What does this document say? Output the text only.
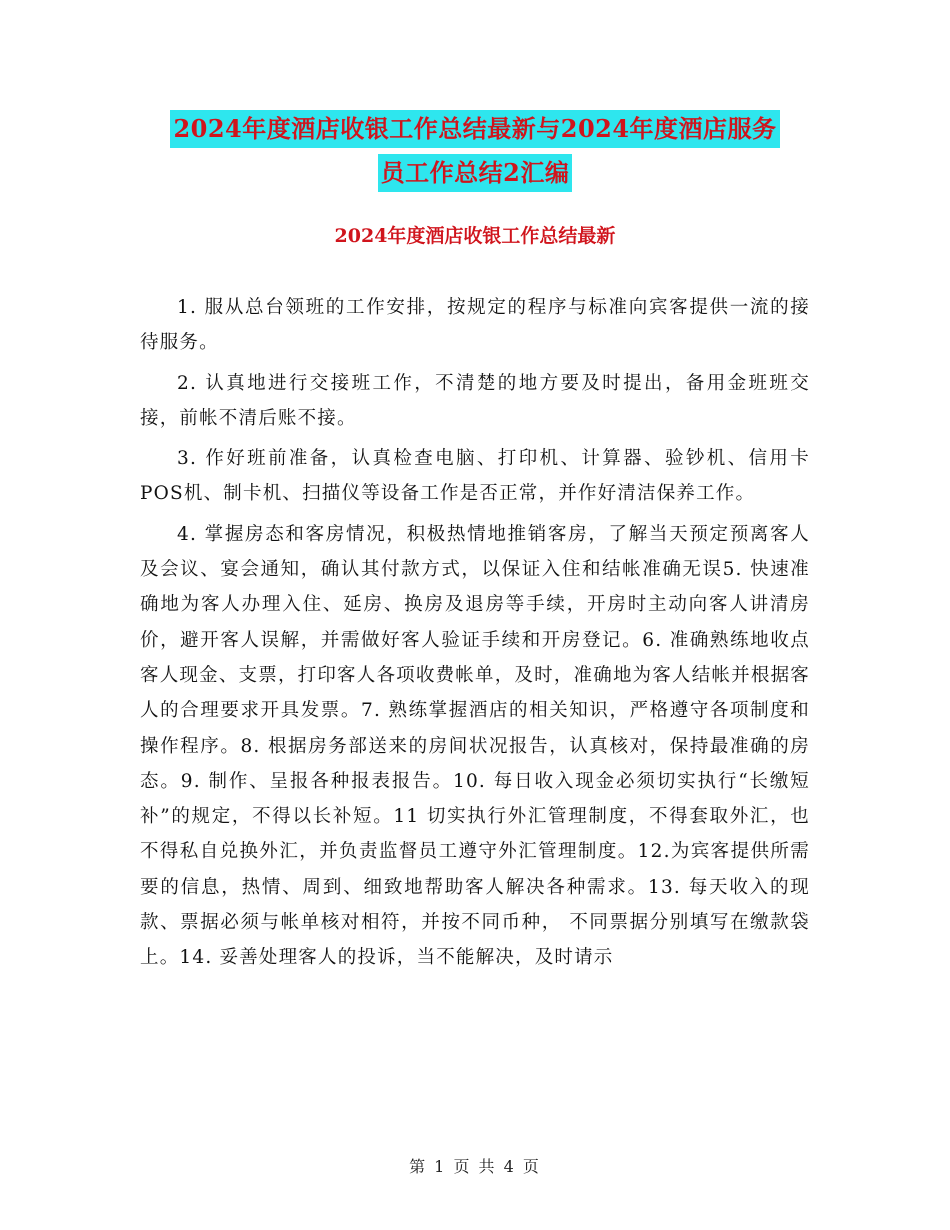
2024年度酒店收银工作总结最新与2024年度酒店服务
员工作总结2汇编
2024年度酒店收银工作总结最新

1. 服从总台领班的工作安排，按规定的程序与标准向宾客提供一流的接待服务。

2. 认真地进行交接班工作，不清楚的地方要及时提出，备用金班班交接，前帐不清后账不接。

3. 作好班前准备，认真检查电脑、打印机、计算器、验钞机、信用卡POS机、制卡机、扫描仪等设备工作是否正常，并作好清洁保养工作。

4. 掌握房态和客房情况，积极热情地推销客房，了解当天预定预离客人及会议、宴会通知，确认其付款方式，以保证入住和结帐准确无误5. 快速准确地为客人办理入住、延房、换房及退房等手续，开房时主动向客人讲清房价，避开客人误解，并需做好客人验证手续和开房登记。6. 准确熟练地收点客人现金、支票，打印客人各项收费帐单，及时，准确地为客人结帐并根据客人的合理要求开具发票。7. 熟练掌握酒店的相关知识，严格遵守各项制度和操作程序。8. 根据房务部送来的房间状况报告，认真核对，保持最准确的房态。9. 制作、呈报各种报表报告。10. 每日收入现金必须切实执行“长缴短补”的规定，不得以长补短。11 切实执行外汇管理制度，不得套取外汇，也不得私自兑换外汇，并负责监督员工遵守外汇管理制度。12.为宾客提供所需要的信息，热情、周到、细致地帮助客人解决各种需求。13. 每天收入的现款、票据必须与帐单核对相符，并按不同币种， 不同票据分别填写在缴款袋上。14. 妥善处理客人的投诉，当不能解决，及时请示

第 1 页 共 4 页
